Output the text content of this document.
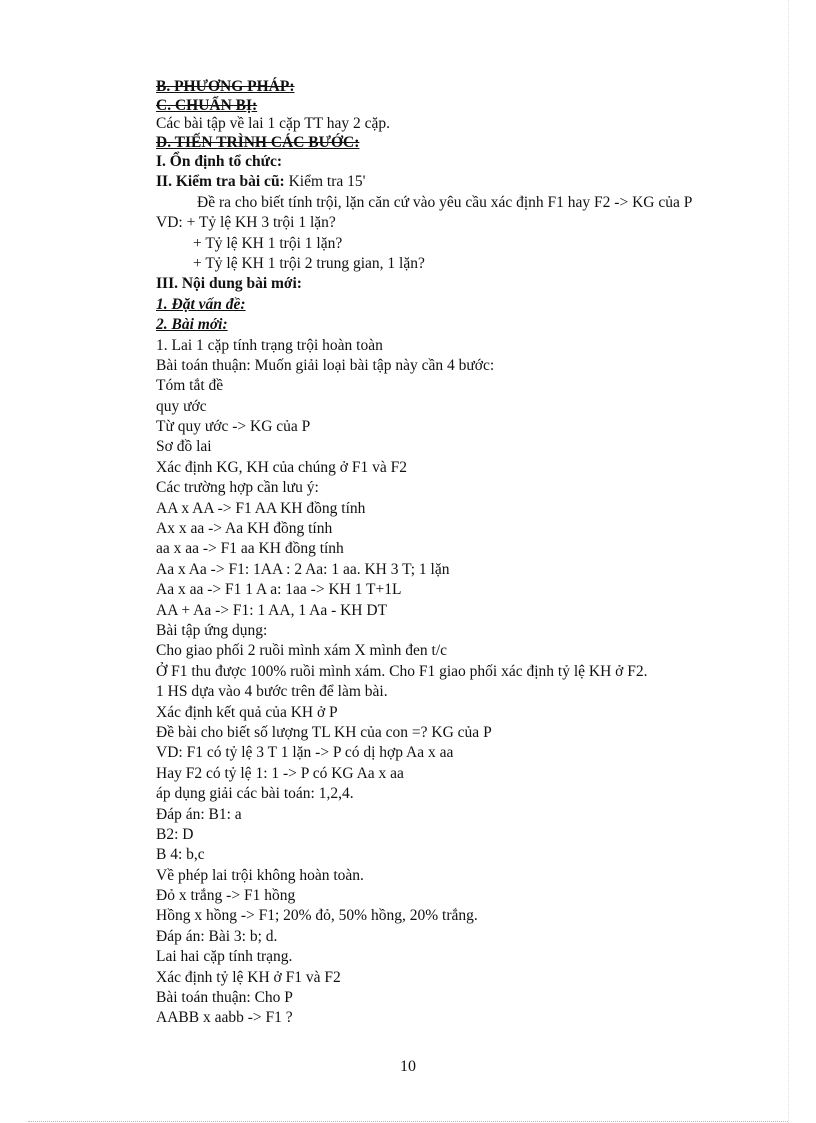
B. PHƯƠNG PHÁP:
C. CHUẨN BỊ:
Các bài tập về lai 1 cặp TT hay 2 cặp.
D. TIẾN TRÌNH CÁC BƯỚC:
I. Ổn định tổ chức:
II. Kiểm tra bài cũ: Kiểm tra 15'
Đề ra cho biết tính trội, lặn căn cứ vào yêu cầu xác định F1 hay F2 -> KG của P
VD: + Tỷ lệ KH 3 trội 1 lặn?
+ Tỷ lệ KH 1 trội 1 lặn?
+ Tỷ lệ KH 1 trội 2 trung gian, 1 lặn?
III. Nội dung bài mới:
1. Đặt vấn đề:
2. Bài mới:
1. Lai 1 cặp tính trạng trội hoàn toàn
Bài toán thuận: Muốn giải loại bài tập này cần 4 bước:
Tóm tắt đề
quy ước
Từ quy ước -> KG của P
Sơ đồ lai
Xác định KG, KH của chúng ở F1 và F2
Các trường hợp cần lưu ý:
AA x AA -> F1 AA KH đồng tính
Ax x aa -> Aa KH đồng tính
aa x aa -> F1 aa KH đồng tính
Aa x Aa -> F1: 1AA : 2 Aa: 1 aa. KH 3 T; 1 lặn
Aa x aa -> F1 1 A a: 1aa -> KH 1 T+1L
AA + Aa -> F1: 1 AA, 1 Aa - KH DT
Bài tập ứng dụng:
Cho giao phối 2 ruồi mình xám X mình đen t/c
Ở F1 thu được 100% ruồi mình xám. Cho F1 giao phối xác định tỷ lệ KH ở F2.
1 HS dựa vào 4 bước trên để làm bài.
Xác định kết quả của KH ở P
Đề bài cho biết số lượng TL KH của con =? KG của P
VD: F1 có tỷ lệ 3 T 1 lặn -> P có dị hợp Aa x aa
Hay F2 có tỷ lệ 1: 1 -> P có KG Aa x aa
áp dụng giải các bài toán: 1,2,4.
Đáp án: B1: a
B2: D
B 4: b,c
Về phép lai trội không hoàn toàn.
Đỏ x trắng -> F1 hồng
Hồng x hồng -> F1; 20% đỏ, 50% hồng, 20% trắng.
Đáp án: Bài 3: b; d.
Lai hai cặp tính trạng.
Xác định tỷ lệ KH ở F1 và F2
Bài toán thuận: Cho P
AABB x aabb -> F1 ?
10
